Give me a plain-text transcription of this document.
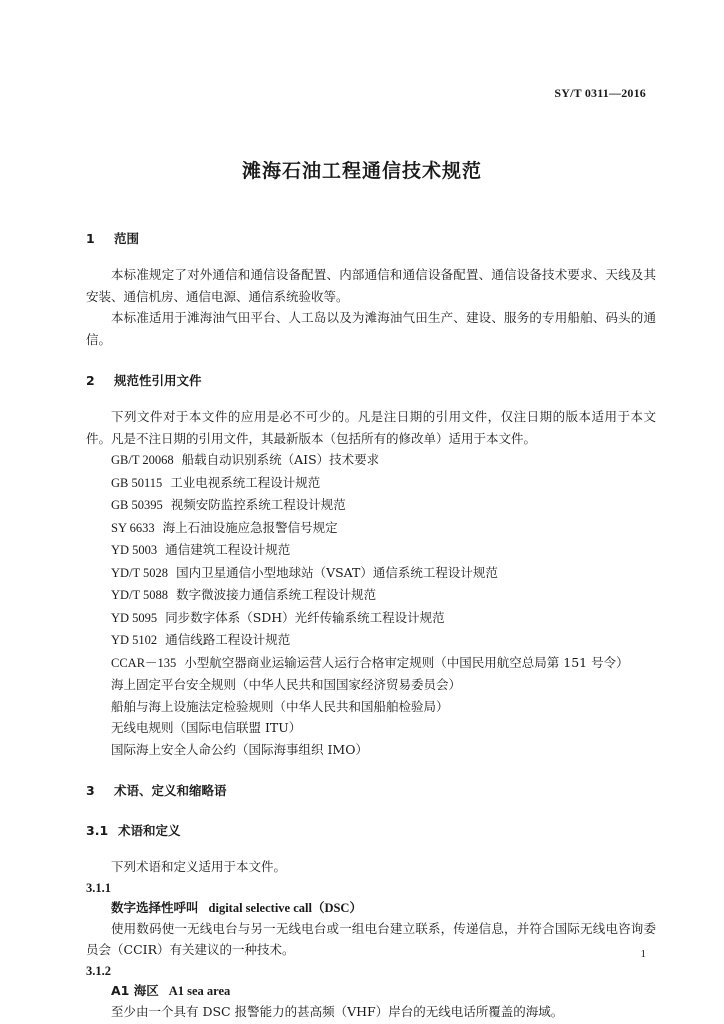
SY/T 0311—2016
滩海石油工程通信技术规范
1 范围

本标准规定了对外通信和通信设备配置、内部通信和通信设备配置、通信设备技术要求、天线及其安装、通信机房、通信电源、通信系统验收等。

本标准适用于滩海油气田平台、人工岛以及为滩海油气田生产、建设、服务的专用船舶、码头的通信。

2 规范性引用文件

下列文件对于本文件的应用是必不可少的。凡是注日期的引用文件，仅注日期的版本适用于本文件。凡是不注日期的引用文件，其最新版本（包括所有的修改单）适用于本文件。

GB/T 20068 船载自动识别系统（AIS）技术要求
GB 50115 工业电视系统工程设计规范
GB 50395 视频安防监控系统工程设计规范
SY 6633 海上石油设施应急报警信号规定
YD 5003 通信建筑工程设计规范
YD/T 5028 国内卫星通信小型地球站（VSAT）通信系统工程设计规范
YD/T 5088 数字微波接力通信系统工程设计规范
YD 5095 同步数字体系（SDH）光纤传输系统工程设计规范
YD 5102 通信线路工程设计规范
CCAR－135 小型航空器商业运输运营人运行合格审定规则（中国民用航空总局第 151 号令）
海上固定平台安全规则（中华人民共和国国家经济贸易委员会）
船舶与海上设施法定检验规则（中华人民共和国船舶检验局）
无线电规则（国际电信联盟 ITU）
国际海上安全人命公约（国际海事组织 IMO）
3 术语、定义和缩略语
3.1 术语和定义

下列术语和定义适用于本文件。

3.1.1
数字选择性呼叫 digital selective call（DSC）

使用数码使一无线电台与另一无线电台或一组电台建立联系，传递信息，并符合国际无线电咨询委员会（CCIR）有关建议的一种技术。

3.1.2
A1 海区 A1 sea area

至少由一个具有 DSC 报警能力的甚高频（VHF）岸台的无线电话所覆盖的海域。

1
